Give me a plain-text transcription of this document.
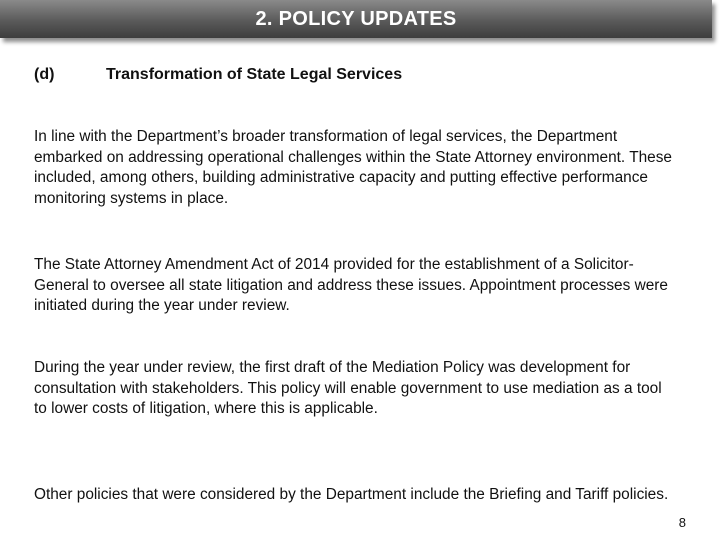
2. POLICY UPDATES
(d)	Transformation of State Legal Services

In line with the Department’s broader transformation of legal services, the Department embarked on addressing operational challenges within the State Attorney environment. These included, among others, building administrative capacity and putting effective performance monitoring systems in place.

The State Attorney Amendment Act of 2014 provided for the establishment of a Solicitor-General to oversee all state litigation and address these issues. Appointment processes were initiated during the year under review.

During the year under review, the first draft of the Mediation Policy was development for consultation with stakeholders. This policy will enable government to use mediation as a tool to lower costs of litigation, where this is applicable.

Other policies that were considered by the Department include the Briefing and Tariff policies.

8
